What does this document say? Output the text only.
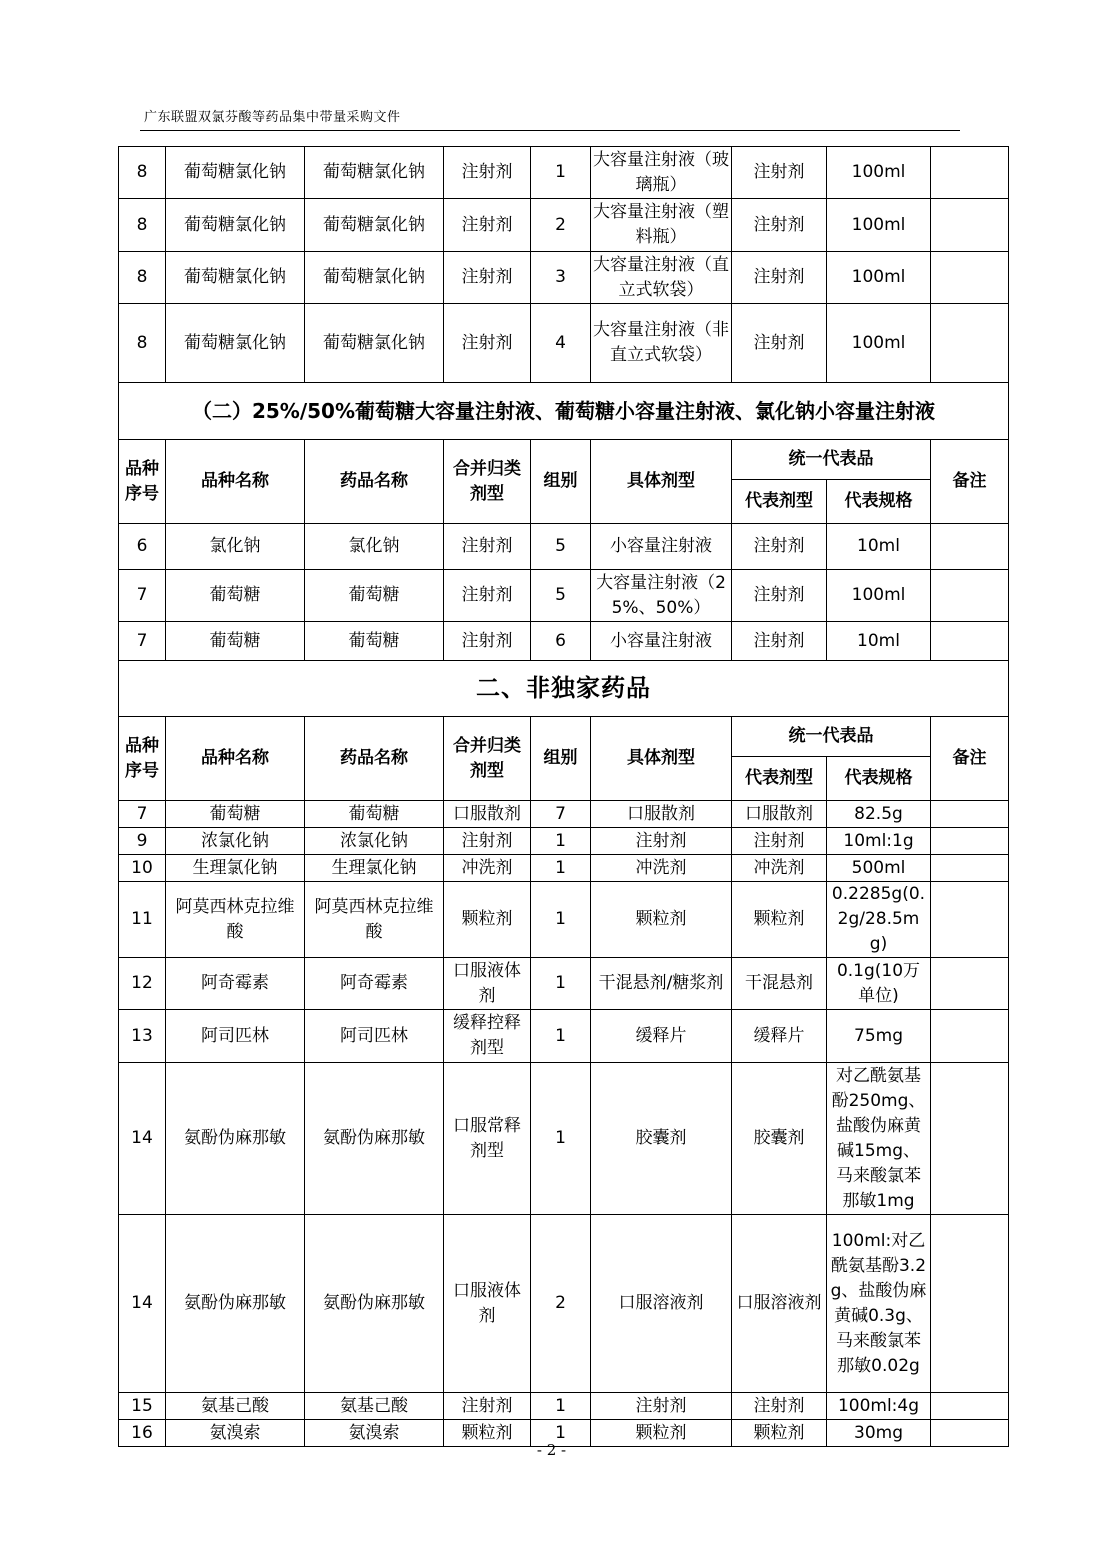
广东联盟双氯芬酸等药品集中带量采购文件
8	葡萄糖氯化钠	葡萄糖氯化钠	注射剂	1	大容量注射液（玻璃瓶）	注射剂	100ml	
8	葡萄糖氯化钠	葡萄糖氯化钠	注射剂	2	大容量注射液（塑料瓶）	注射剂	100ml	
8	葡萄糖氯化钠	葡萄糖氯化钠	注射剂	3	大容量注射液（直立式软袋）	注射剂	100ml	
8	葡萄糖氯化钠	葡萄糖氯化钠	注射剂	4	大容量注射液（非直立式软袋）	注射剂	100ml	
（二）25%/50%葡萄糖大容量注射液、葡萄糖小容量注射液、氯化钠小容量注射液								
品种序号	品种名称	药品名称	合并归类剂型	组别	具体剂型	统一代表品		备注
						代表剂型	代表规格	
6	氯化钠	氯化钠	注射剂	5	小容量注射液	注射剂	10ml	
7	葡萄糖	葡萄糖	注射剂	5	大容量注射液（25%、50%）	注射剂	100ml	
7	葡萄糖	葡萄糖	注射剂	6	小容量注射液	注射剂	10ml	
二、非独家药品								
品种序号	品种名称	药品名称	合并归类剂型	组别	具体剂型	统一代表品		备注
						代表剂型	代表规格	
7	葡萄糖	葡萄糖	口服散剂	7	口服散剂	口服散剂	82.5g	
9	浓氯化钠	浓氯化钠	注射剂	1	注射剂	注射剂	10ml:1g	
10	生理氯化钠	生理氯化钠	冲洗剂	1	冲洗剂	冲洗剂	500ml	
11	阿莫西林克拉维酸	阿莫西林克拉维酸	颗粒剂	1	颗粒剂	颗粒剂	0.2285g(0.2g/28.5mg)	
12	阿奇霉素	阿奇霉素	口服液体剂	1	干混悬剂/糖浆剂	干混悬剂	0.1g(10万单位)	
13	阿司匹林	阿司匹林	缓释控释剂型	1	缓释片	缓释片	75mg	
14	氨酚伪麻那敏	氨酚伪麻那敏	口服常释剂型	1	胶囊剂	胶囊剂	对乙酰氨基酚250mg、盐酸伪麻黄碱15mg、马来酸氯苯那敏1mg	
14	氨酚伪麻那敏	氨酚伪麻那敏	口服液体剂	2	口服溶液剂	口服溶液剂	100ml:对乙酰氨基酚3.2g、盐酸伪麻黄碱0.3g、马来酸氯苯那敏0.02g	
15	氨基己酸	氨基己酸	注射剂	1	注射剂	注射剂	100ml:4g	
16	氨溴索	氨溴索	颗粒剂	1	颗粒剂	颗粒剂	30mg	
- 2 -
